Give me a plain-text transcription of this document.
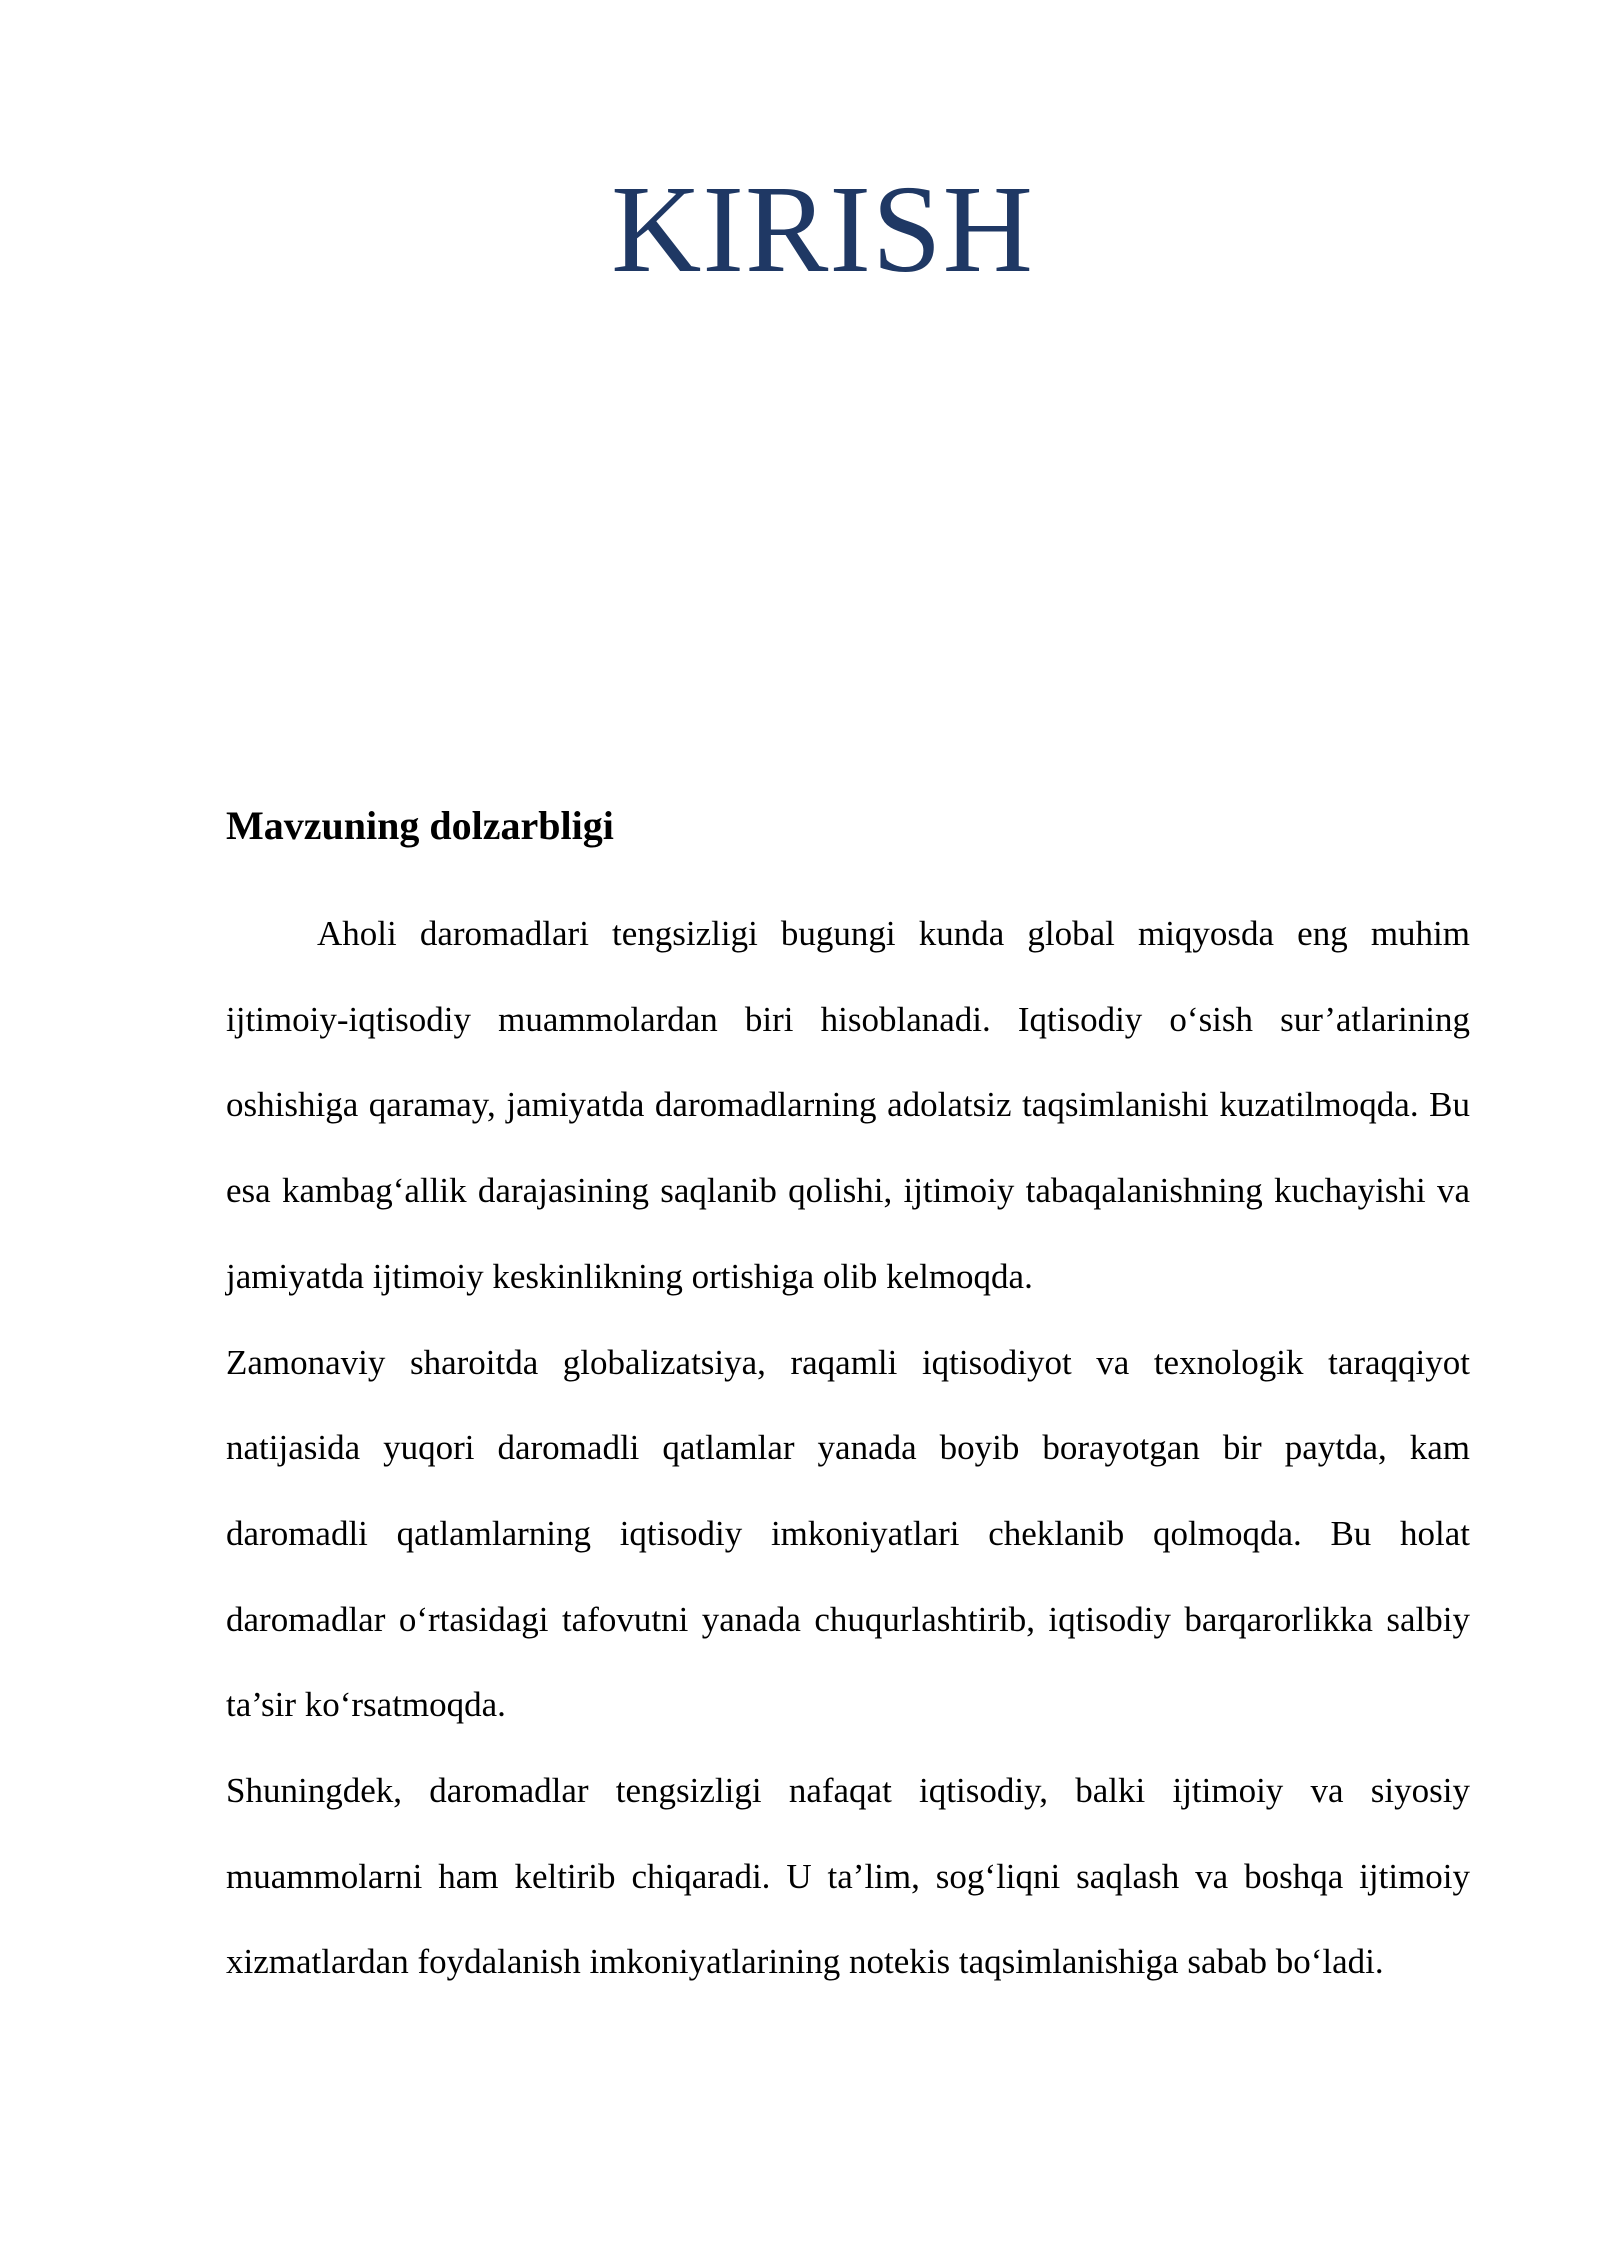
KIRISH
Mavzuning dolzarbligi

Aholi daromadlari tengsizligi bugungi kunda global miqyosda eng muhim ijtimoiy-iqtisodiy muammolardan biri hisoblanadi. Iqtisodiy o‘sish sur’atlarining oshishiga qaramay, jamiyatda daromadlarning adolatsiz taqsimlanishi kuzatilmoqda. Bu esa kambag‘allik darajasining saqlanib qolishi, ijtimoiy tabaqalanishning kuchayishi va jamiyatda ijtimoiy keskinlikning ortishiga olib kelmoqda.

Zamonaviy sharoitda globalizatsiya, raqamli iqtisodiyot va texnologik taraqqiyot natijasida yuqori daromadli qatlamlar yanada boyib borayotgan bir paytda, kam daromadli qatlamlarning iqtisodiy imkoniyatlari cheklanib qolmoqda. Bu holat daromadlar o‘rtasidagi tafovutni yanada chuqurlashtirib, iqtisodiy barqarorlikka salbiy ta’sir ko‘rsatmoqda.

Shuningdek, daromadlar tengsizligi nafaqat iqtisodiy, balki ijtimoiy va siyosiy muammolarni ham keltirib chiqaradi. U ta’lim, sog‘liqni saqlash va boshqa ijtimoiy xizmatlardan foydalanish imkoniyatlarining notekis taqsimlanishiga sabab bo‘ladi.
